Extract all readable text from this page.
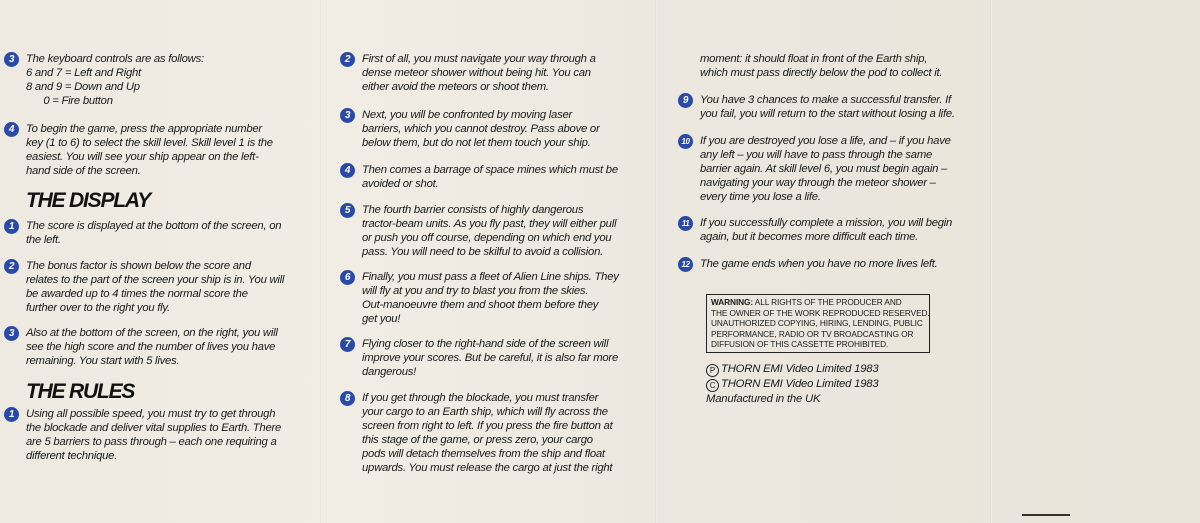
3	The keyboard controls are as follows:
6 and 7 = Left and Right
8 and 9 = Down and Up
0 = Fire button
4	To begin the game, press the appropriate number
key (1 to 6) to select the skill level. Skill level 1 is the
easiest. You will see your ship appear on the left-
hand side of the screen.
THE DISPLAY
1	The score is displayed at the bottom of the screen, on
the left.
2	The bonus factor is shown below the score and
relates to the part of the screen your ship is in. You will
be awarded up to 4 times the normal score the
further over to the right you fly.
3	Also at the bottom of the screen, on the right, you will
see the high score and the number of lives you have
remaining. You start with 5 lives.
THE RULES
1	Using all possible speed, you must try to get through
the blockade and deliver vital supplies to Earth. There
are 5 barriers to pass through – each one requiring a
different technique.
2	First of all, you must navigate your way through a
dense meteor shower without being hit. You can
either avoid the meteors or shoot them.
3	Next, you will be confronted by moving laser
barriers, which you cannot destroy. Pass above or
below them, but do not let them touch your ship.
4	Then comes a barrage of space mines which must be
avoided or shot.
5	The fourth barrier consists of highly dangerous
tractor-beam units. As you fly past, they will either pull
or push you off course, depending on which end you
pass. You will need to be skilful to avoid a collision.
6	Finally, you must pass a fleet of Alien Line ships. They
will fly at you and try to blast you from the skies.
Out-manoeuvre them and shoot them before they
get you!
7	Flying closer to the right-hand side of the screen will
improve your scores. But be careful, it is also far more
dangerous!
8	If you get through the blockade, you must transfer
your cargo to an Earth ship, which will fly across the
screen from right to left. If you press the fire button at
this stage of the game, or press zero, your cargo
pods will detach themselves from the ship and float
upwards. You must release the cargo at just the right
moment: it should float in front of the Earth ship,
which must pass directly below the pod to collect it.
9	You have 3 chances to make a successful transfer. If
you fail, you will return to the start without losing a life.
10 If you are destroyed you lose a life, and – if you have
any left – you will have to pass through the same
barrier again. At skill level 6, you must begin again –
navigating your way through the meteor shower –
every time you lose a life.
11 If you successfully complete a mission, you will begin
again, but it becomes more difficult each time.
12 The game ends when you have no more lives left.
WARNING: ALL RIGHTS OF THE PRODUCER AND
THE OWNER OF THE WORK REPRODUCED RESERVED.
UNAUTHORIZED COPYING, HIRING, LENDING, PUBLIC
PERFORMANCE, RADIO OR TV BROADCASTING OR
DIFFUSION OF THIS CASSETTE PROHIBITED.
P THORN EMI Video Limited 1983
C THORN EMI Video Limited 1983
Manufactured in the UK
